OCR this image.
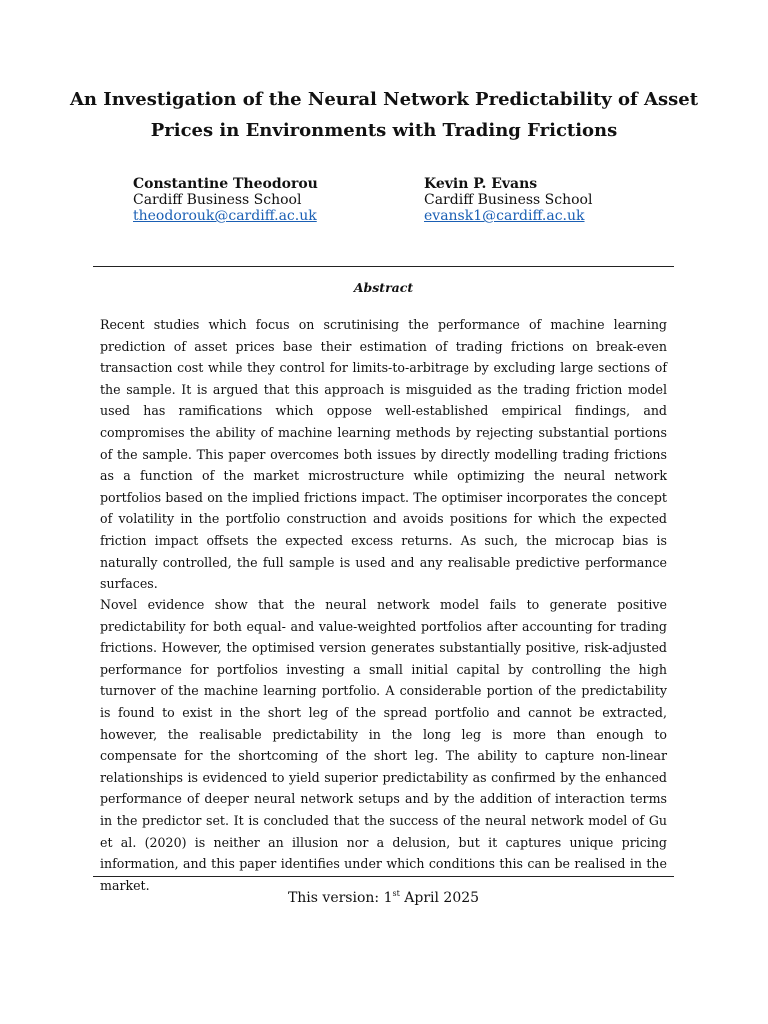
An Investigation of the Neural Network Predictability of Asset Prices in Environments with Trading Frictions
Constantine Theodorou
Cardiff Business School
theodorouk@cardiff.ac.uk
Kevin P. Evans
Cardiff Business School
evansk1@cardiff.ac.uk
Abstract

Recent studies which focus on scrutinising the performance of machine learning prediction of asset prices base their estimation of trading frictions on break-even transaction cost while they control for limits-to-arbitrage by excluding large sections of the sample. It is argued that this approach is misguided as the trading friction model used has ramifications which oppose well-established empirical findings, and compromises the ability of machine learning methods by rejecting substantial portions of the sample. This paper overcomes both issues by directly modelling trading frictions as a function of the market microstructure while optimizing the neural network portfolios based on the implied frictions impact. The optimiser incorporates the concept of volatility in the portfolio construction and avoids positions for which the expected friction impact offsets the expected excess returns. As such, the microcap bias is naturally controlled, the full sample is used and any realisable predictive performance surfaces.

Novel evidence show that the neural network model fails to generate positive predictability for both equal- and value-weighted portfolios after accounting for trading frictions. However, the optimised version generates substantially positive, risk-adjusted performance for portfolios investing a small initial capital by controlling the high turnover of the machine learning portfolio. A considerable portion of the predictability is found to exist in the short leg of the spread portfolio and cannot be extracted, however, the realisable predictability in the long leg is more than enough to compensate for the shortcoming of the short leg. The ability to capture non-linear relationships is evidenced to yield superior predictability as confirmed by the enhanced performance of deeper neural network setups and by the addition of interaction terms in the predictor set. It is concluded that the success of the neural network model of Gu et al. (2020) is neither an illusion nor a delusion, but it captures unique pricing information, and this paper identifies under which conditions this can be realised in the market.

This version: 1st April 2025
